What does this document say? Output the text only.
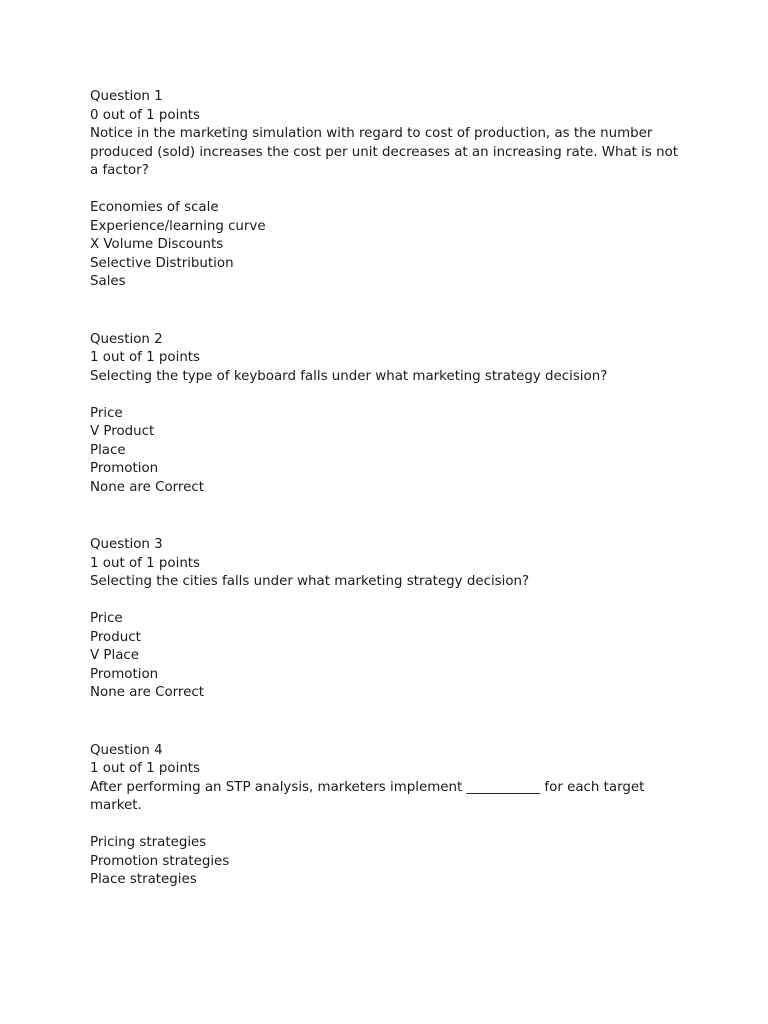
Question 1
0 out of 1 points
Notice in the marketing simulation with regard to cost of production, as the number produced (sold) increases the cost per unit decreases at an increasing rate. What is not a factor?
Economies of scale
Experience/learning curve
X Volume Discounts
Selective Distribution
Sales
Question 2
1 out of 1 points
Selecting the type of keyboard falls under what marketing strategy decision?
Price
V Product
Place
Promotion
None are Correct
Question 3
1 out of 1 points
Selecting the cities falls under what marketing strategy decision?
Price
Product
V Place
Promotion
None are Correct
Question 4
1 out of 1 points
After performing an STP analysis, marketers implement ___________ for each target market.
Pricing strategies
Promotion strategies
Place strategies
